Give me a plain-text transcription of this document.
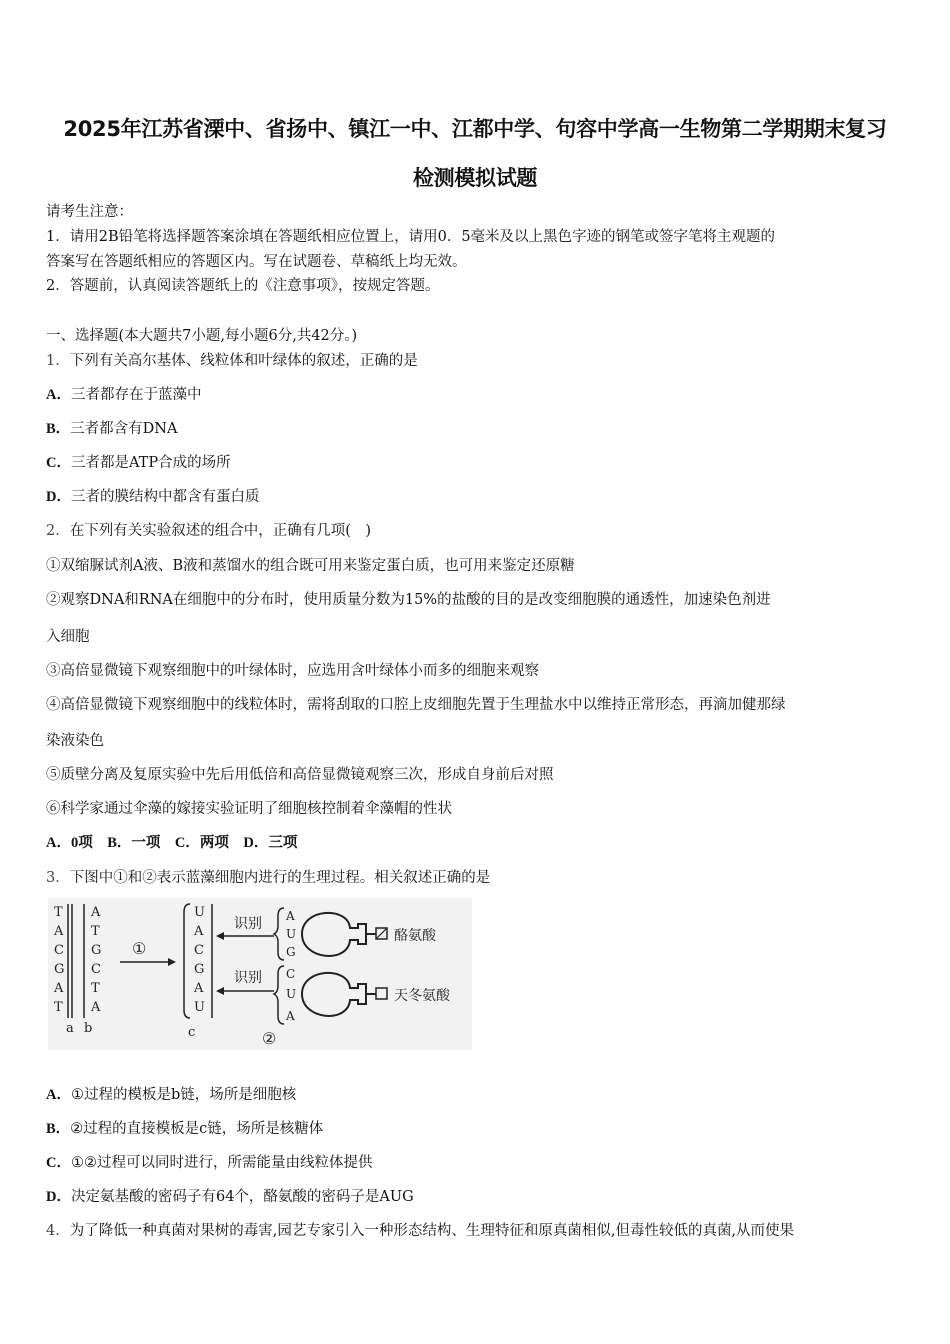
2025年江苏省溧中、省扬中、镇江一中、江都中学、句容中学高一生物第二学期期末复习
检测模拟试题
请考生注意：
1．请用2B铅笔将选择题答案涂填在答题纸相应位置上，请用0．5毫米及以上黑色字迹的钢笔或签字笔将主观题的
答案写在答题纸相应的答题区内。写在试题卷、草稿纸上均无效。
2．答题前，认真阅读答题纸上的《注意事项》，按规定答题。
一、选择题(本大题共7小题,每小题6分,共42分。)
1．下列有关高尔基体、线粒体和叶绿体的叙述，正确的是
A．三者都存在于蓝藻中
B．三者都含有DNA
C．三者都是ATP合成的场所
D．三者的膜结构中都含有蛋白质
2．在下列有关实验叙述的组合中，正确有几项(　)
①双缩脲试剂A液、B液和蒸馏水的组合既可用来鉴定蛋白质，也可用来鉴定还原糖
②观察DNA和RNA在细胞中的分布时，使用质量分数为15%的盐酸的目的是改变细胞膜的通透性，加速染色剂进
入细胞
③高倍显微镜下观察细胞中的叶绿体时，应选用含叶绿体小而多的细胞来观察
④高倍显微镜下观察细胞中的线粒体时，需将刮取的口腔上皮细胞先置于生理盐水中以维持正常形态，再滴加健那绿
染液染色
⑤质壁分离及复原实验中先后用低倍和高倍显微镜观察三次，形成自身前后对照
⑥科学家通过伞藻的嫁接实验证明了细胞核控制着伞藻帽的性状
A．0项　B．一项　C．两项　D．三项
3．下图中①和②表示蓝藻细胞内进行的生理过程。相关叙述正确的是
T
A
C
G
A
T
A
T
G
C
T
A
a b
①
U
A
C
G
A
U
c
识别
识别
②
A
U
G
酪氨酸
C
U
A
天冬氨酸
A．①过程的模板是b链，场所是细胞核
B．②过程的直接模板是c链，场所是核糖体
C．①②过程可以同时进行，所需能量由线粒体提供
D．决定氨基酸的密码子有64个，酪氨酸的密码子是AUG
4．为了降低一种真菌对果树的毒害,园艺专家引入一种形态结构、生理特征和原真菌相似,但毒性较低的真菌,从而使果
